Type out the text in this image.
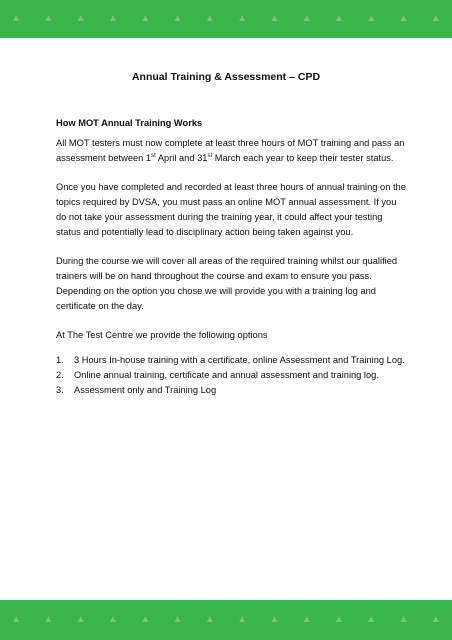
▲ ▲ ▲ ▲ ▲ ▲ ▲ ▲ ▲ ▲ ▲ ▲ ▲ ▲
Annual Training & Assessment – CPD

How MOT Annual Training Works

All MOT testers must now complete at least three hours of MOT training and pass an assessment between 1st April and 31st March each year to keep their tester status.

Once you have completed and recorded at least three hours of annual training on the topics required by DVSA, you must pass an online MOT annual assessment. If you do not take your assessment during the training year, it could affect your testing status and potentially lead to disciplinary action being taken against you.

During the course we will cover all areas of the required training whilst our qualified trainers will be on hand throughout the course and exam to ensure you pass. Depending on the option you chose we will provide you with a training log and certificate on the day.

At The Test Centre we provide the following options

1. 3 Hours In-house training with a certificate, online Assessment and Training Log.
2. Online annual training, certificate and annual assessment and training log.
3. Assessment only and Training Log
▲ ▲ ▲ ▲ ▲ ▲ ▲ ▲ ▲ ▲ ▲ ▲ ▲ ▲
